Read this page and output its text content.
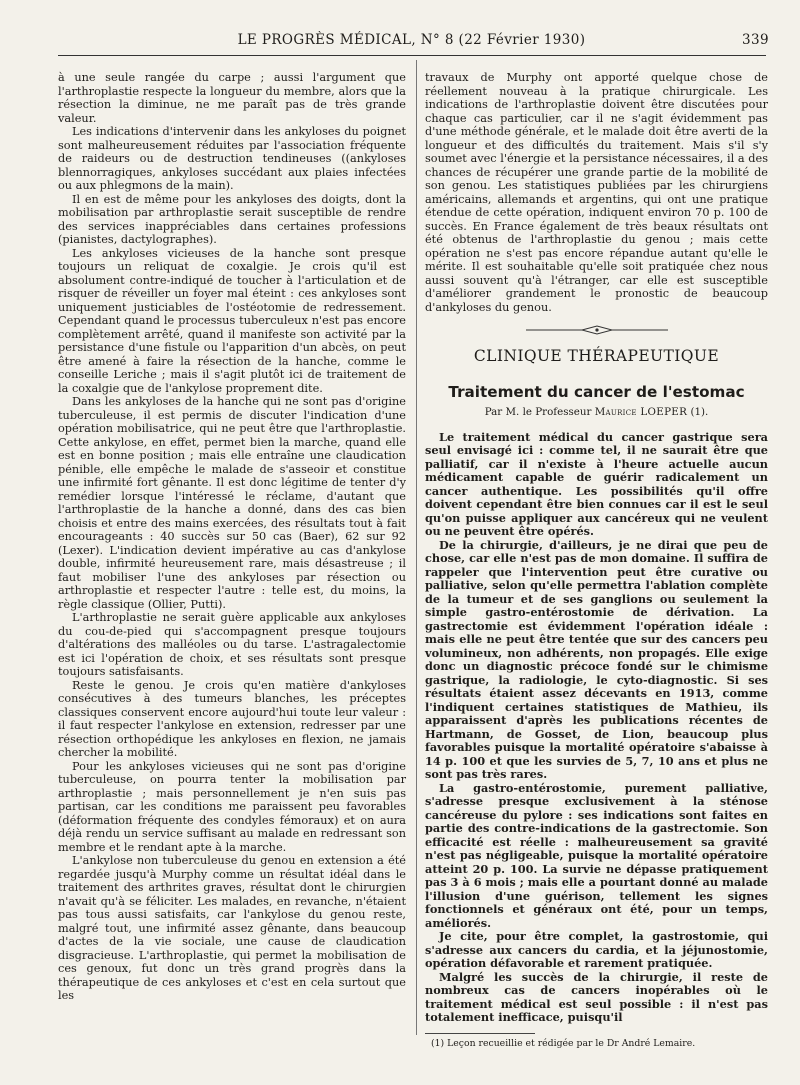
LE PROGRÈS MÉDICAL, N° 8 (22 Février 1930)	339

à une seule rangée du carpe ; aussi l'argument que l'arthroplastie respecte la longueur du membre, alors que la résection la diminue, ne me paraît pas de très grande valeur.

Les indications d'intervenir dans les ankyloses du poignet sont malheureusement réduites par l'association fréquente de raideurs ou de destruction tendineuses ((ankyloses blennorragiques, ankyloses succédant aux plaies infectées ou aux phlegmons de la main).

Il en est de même pour les ankyloses des doigts, dont la mobilisation par arthroplastie serait susceptible de rendre des services inappréciables dans certaines professions (pianistes, dactylographes).

Les ankyloses vicieuses de la hanche sont presque toujours un reliquat de coxalgie. Je crois qu'il est absolument contre-indiqué de toucher à l'articulation et de risquer de réveiller un foyer mal éteint : ces ankyloses sont uniquement justiciables de l'ostéotomie de redressement. Cependant quand le processus tuberculeux n'est pas encore complètement arrêté, quand il manifeste son activité par la persistance d'une fistule ou l'apparition d'un abcès, on peut être amené à faire la résection de la hanche, comme le conseille Leriche ; mais il s'agit plutôt ici de traitement de la coxalgie que de l'ankylose proprement dite.

Dans les ankyloses de la hanche qui ne sont pas d'origine tuberculeuse, il est permis de discuter l'indication d'une opération mobilisatrice, qui ne peut être que l'arthroplastie. Cette ankylose, en effet, permet bien la marche, quand elle est en bonne position ; mais elle entraîne une claudication pénible, elle empêche le malade de s'asseoir et constitue une infirmité fort gênante. Il est donc légitime de tenter d'y remédier lorsque l'intéressé le réclame, d'autant que l'arthroplastie de la hanche a donné, dans des cas bien choisis et entre des mains exercées, des résultats tout à fait encourageants : 40 succès sur 50 cas (Baer), 62 sur 92 (Lexer). L'indication devient impérative au cas d'ankylose double, infirmité heureusement rare, mais désastreuse ; il faut mobiliser l'une des ankyloses par résection ou arthroplastie et respecter l'autre : telle est, du moins, la règle classique (Ollier, Putti).

L'arthroplastie ne serait guère applicable aux ankyloses du cou-de-pied qui s'accompagnent presque toujours d'altérations des malléoles ou du tarse. L'astragalectomie est ici l'opération de choix, et ses résultats sont presque toujours satisfaisants.

Reste le genou. Je crois qu'en matière d'ankyloses consécutives à des tumeurs blanches, les préceptes classiques conservent encore aujourd'hui toute leur valeur : il faut respecter l'ankylose en extension, redresser par une résection orthopédique les ankyloses en flexion, ne jamais chercher la mobilité.

Pour les ankyloses vicieuses qui ne sont pas d'origine tuberculeuse, on pourra tenter la mobilisation par arthroplastie ; mais personnellement je n'en suis pas partisan, car les conditions me paraissent peu favorables (déformation fréquente des condyles fémoraux) et on aura déjà rendu un service suffisant au malade en redressant son membre et le rendant apte à la marche.

L'ankylose non tuberculeuse du genou en extension a été regardée jusqu'à Murphy comme un résultat idéal dans le traitement des arthrites graves, résultat dont le chirurgien n'avait qu'à se féliciter. Les malades, en revanche, n'étaient pas tous aussi satisfaits, car l'ankylose du genou reste, malgré tout, une infirmité assez gênante, dans beaucoup d'actes de la vie sociale, une cause de claudication disgracieuse. L'arthroplastie, qui permet la mobilisation de ces genoux, fut donc un très grand progrès dans la thérapeutique de ces ankyloses et c'est en cela surtout que les

travaux de Murphy ont apporté quelque chose de réellement nouveau à la pratique chirurgicale. Les indications de l'arthroplastie doivent être discutées pour chaque cas particulier, car il ne s'agit évidemment pas d'une méthode générale, et le malade doit être averti de la longueur et des difficultés du traitement. Mais s'il s'y soumet avec l'énergie et la persistance nécessaires, il a des chances de récupérer une grande partie de la mobilité de son genou. Les statistiques publiées par les chirurgiens américains, allemands et argentins, qui ont une pratique étendue de cette opération, indiquent environ 70 p. 100 de succès. En France également de très beaux résultats ont été obtenus de l'arthroplastie du genou ; mais cette opération ne s'est pas encore répandue autant qu'elle le mérite. Il est souhaitable qu'elle soit pratiquée chez nous aussi souvent qu'à l'étranger, car elle est susceptible d'améliorer grandement le pronostic de beaucoup d'ankyloses du genou.

CLINIQUE THÉRAPEUTIQUE
Traitement du cancer de l'estomac
Par M. le Professeur Maurice LOEPER (1).

Le traitement médical du cancer gastrique sera seul envisagé ici : comme tel, il ne saurait être que palliatif, car il n'existe à l'heure actuelle aucun médicament capable de guérir radicalement un cancer authentique. Les possibilités qu'il offre doivent cependant être bien connues car il est le seul qu'on puisse appliquer aux cancéreux qui ne veulent ou ne peuvent être opérés.

De la chirurgie, d'ailleurs, je ne dirai que peu de chose, car elle n'est pas de mon domaine. Il suffira de rappeler que l'intervention peut être curative ou palliative, selon qu'elle permettra l'ablation complète de la tumeur et de ses ganglions ou seulement la simple gastro-entérostomie de dérivation. La gastrectomie est évidemment l'opération idéale : mais elle ne peut être tentée que sur des cancers peu volumineux, non adhérents, non propagés. Elle exige donc un diagnostic précoce fondé sur le chimisme gastrique, la radiologie, le cyto-diagnostic. Si ses résultats étaient assez décevants en 1913, comme l'indiquent certaines statistiques de Mathieu, ils apparaissent d'après les publications récentes de Hartmann, de Gosset, de Lion, beaucoup plus favorables puisque la mortalité opératoire s'abaisse à 14 p. 100 et que les survies de 5, 7, 10 ans et plus ne sont pas très rares.

La gastro-entérostomie, purement palliative, s'adresse presque exclusivement à la sténose cancéreuse du pylore : ses indications sont faites en partie des contre-indications de la gastrectomie. Son efficacité est réelle : malheureusement sa gravité n'est pas négligeable, puisque la mortalité opératoire atteint 20 p. 100. La survie ne dépasse pratiquement pas 3 à 6 mois ; mais elle a pourtant donné au malade l'illusion d'une guérison, tellement les signes fonctionnels et généraux ont été, pour un temps, améliorés.

Je cite, pour être complet, la gastrostomie, qui s'adresse aux cancers du cardia, et la jéjunostomie, opération défavorable et rarement pratiquée.

Malgré les succès de la chirurgie, il reste de nombreux cas de cancers inopérables où le traitement médical est seul possible : il n'est pas totalement inefficace, puisqu'il

(1) Leçon recueillie et rédigée par le Dr André Lemaire.
